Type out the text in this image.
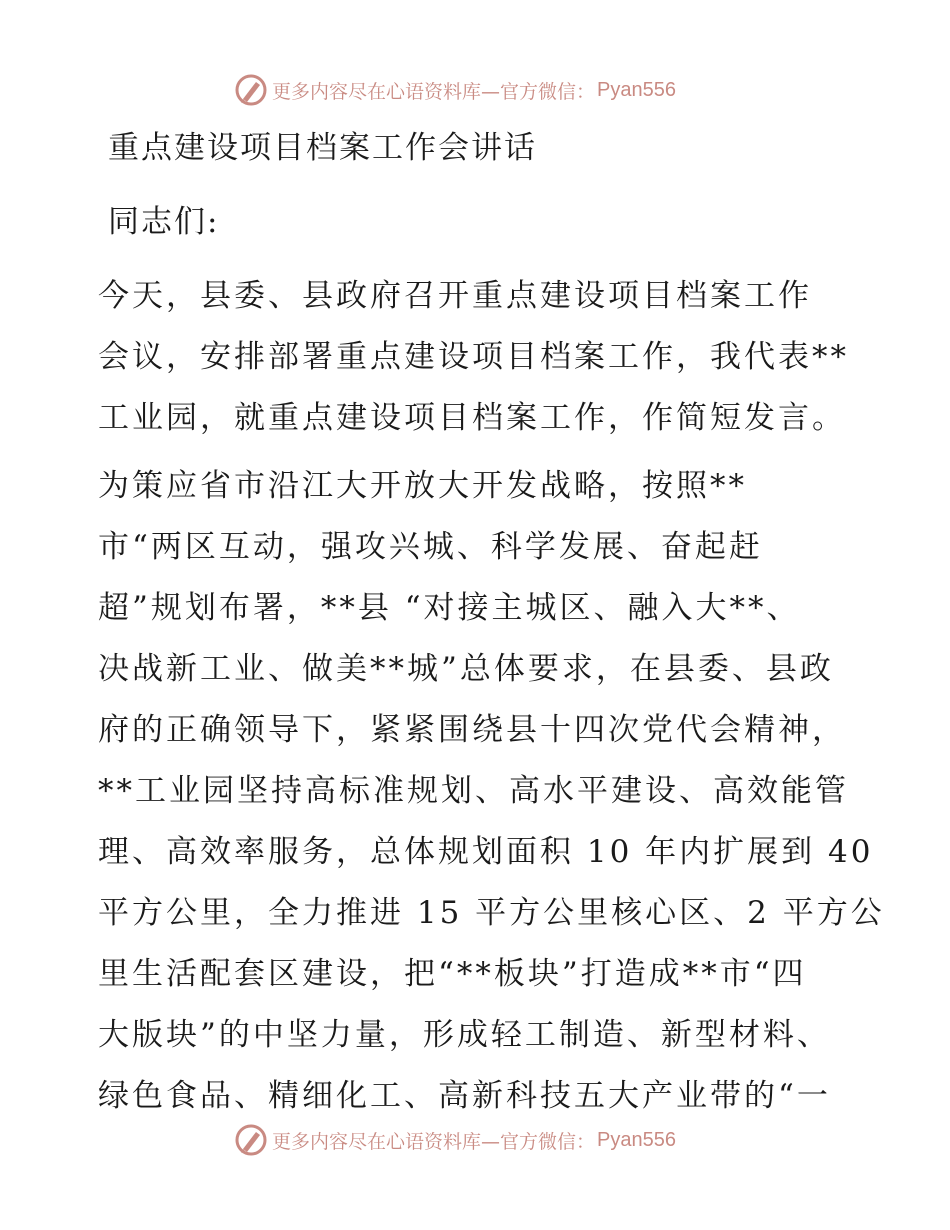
更多内容尽在心语资料库—官方微信： Pyan556
重点建设项目档案工作会讲话
同志们:
今天，县委、县政府召开重点建设项目档案工作
会议，安排部署重点建设项目档案工作，我代表**
工业园，就重点建设项目档案工作，作简短发言。
为策应省市沿江大开放大开发战略，按照**
市“两区互动，强攻兴城、科学发展、奋起赶
超”规划布署，**县 “对接主城区、融入大**、
决战新工业、做美**城”总体要求，在县委、县政
府的正确领导下，紧紧围绕县十四次党代会精神，
**工业园坚持高标准规划、高水平建设、高效能管
理、高效率服务，总体规划面积 10 年内扩展到 40
平方公里，全力推进 15 平方公里核心区、2 平方公
里生活配套区建设，把“**板块”打造成**市“四
大版块”的中坚力量，形成轻工制造、新型材料、
绿色食品、精细化工、高新科技五大产业带的“一
更多内容尽在心语资料库—官方微信： Pyan556
